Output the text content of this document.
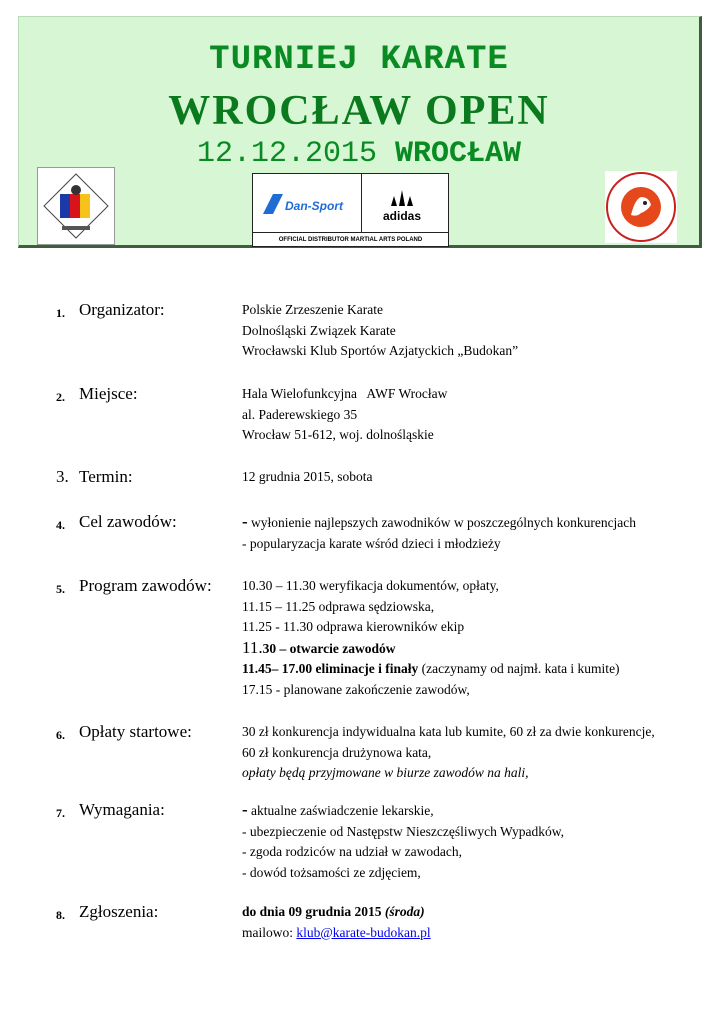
TURNIEJ KARATE
WROCŁAW OPEN
12.12.2015 WROCŁAW
Dan-Sport
adidas
OFFICIAL DISTRIBUTOR MARTIAL ARTS POLAND
1. Organizator:	Polskie Zrzeszenie Karate
Dolnośląski Związek Karate
Wrocławski Klub Sportów Azjatyckich „Budokan”
2. Miejsce:	Hala Wielofunkcyjna   AWF Wrocław
al. Paderewskiego 35
Wrocław 51-612, woj. dolnośląskie
3. Termin:	12 grudnia 2015, sobota
4. Cel zawodów:	- wyłonienie najlepszych zawodników w poszczególnych konkurencjach
- popularyzacja karate wśród dzieci i młodzieży
5. Program zawodów: 10.30 – 11.30 weryfikacja dokumentów, opłaty,
11.15 – 11.25 odprawa sędziowska,
11.25 - 11.30 odprawa kierowników ekip
11.30 – otwarcie zawodów
11.45– 17.00 eliminacje i finały (zaczynamy od najmł. kata i kumite)
17.15 - planowane zakończenie zawodów,
6. Opłaty startowe:	30 zł konkurencja indywidualna kata lub kumite, 60 zł za dwie konkurencje,
60 zł konkurencja drużynowa kata,
opłaty będą przyjmowane w biurze zawodów na hali,
7. Wymagania:	- aktualne zaświadczenie lekarskie,
- ubezpieczenie od Następstw Nieszczęśliwych Wypadków,
- zgoda rodziców na udział w zawodach,
- dowód tożsamości ze zdjęciem,
8. Zgłoszenia:	do dnia 09 grudnia 2015 (środa)
mailowo: klub@karate-budokan.pl
